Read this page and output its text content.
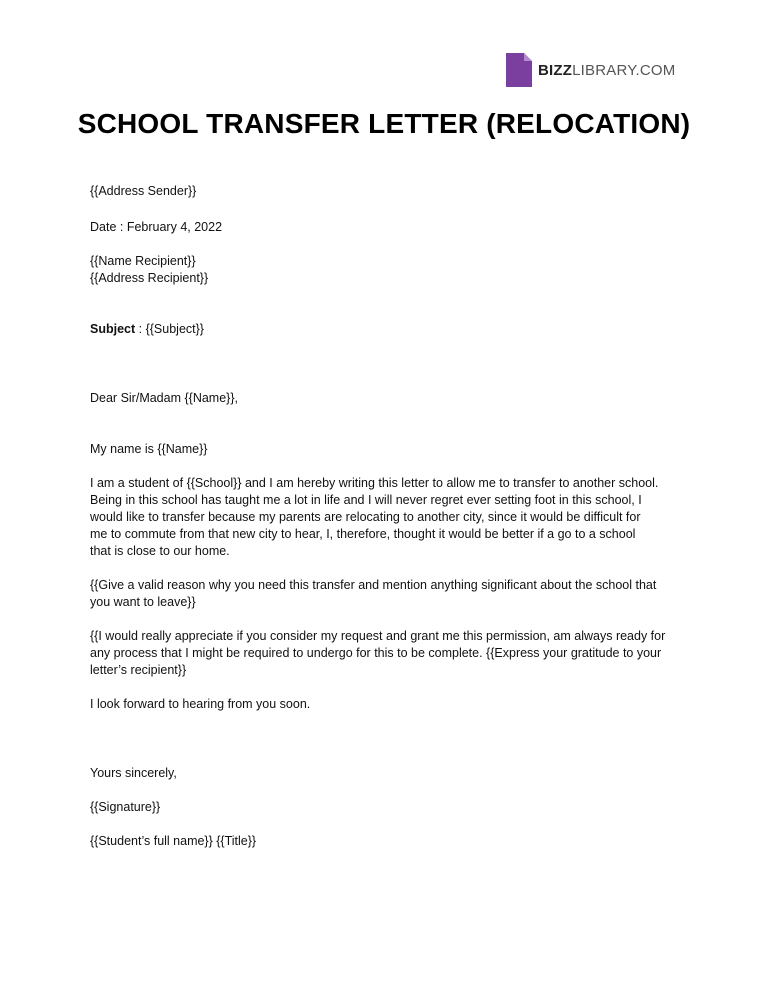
BIZZLIBRARY.COM
SCHOOL TRANSFER LETTER (RELOCATION)

{{Address Sender}}

Date : February 4, 2022

{{Name Recipient}}
{{Address Recipient}}

Subject : {{Subject}}

Dear Sir/Madam {{Name}},

My name is {{Name}}

I am a student of {{School}} and I am hereby writing this letter to allow me to transfer to another school.
Being in this school has taught me a lot in life and I will never regret ever setting foot in this school, I
would like to transfer because my parents are relocating to another city, since it would be difficult for
me to commute from that new city to hear, I, therefore, thought it would be better if a go to a school
that is close to our home.
{{Give a valid reason why you need this transfer and mention anything significant about the school that
you want to leave}}
{{I would really appreciate if you consider my request and grant me this permission, am always ready for
any process that I might be required to undergo for this to be complete. {{Express your gratitude to your
letter’s recipient}}

I look forward to hearing from you soon.

Yours sincerely,

{{Signature}}

{{Student’s full name}} {{Title}}
